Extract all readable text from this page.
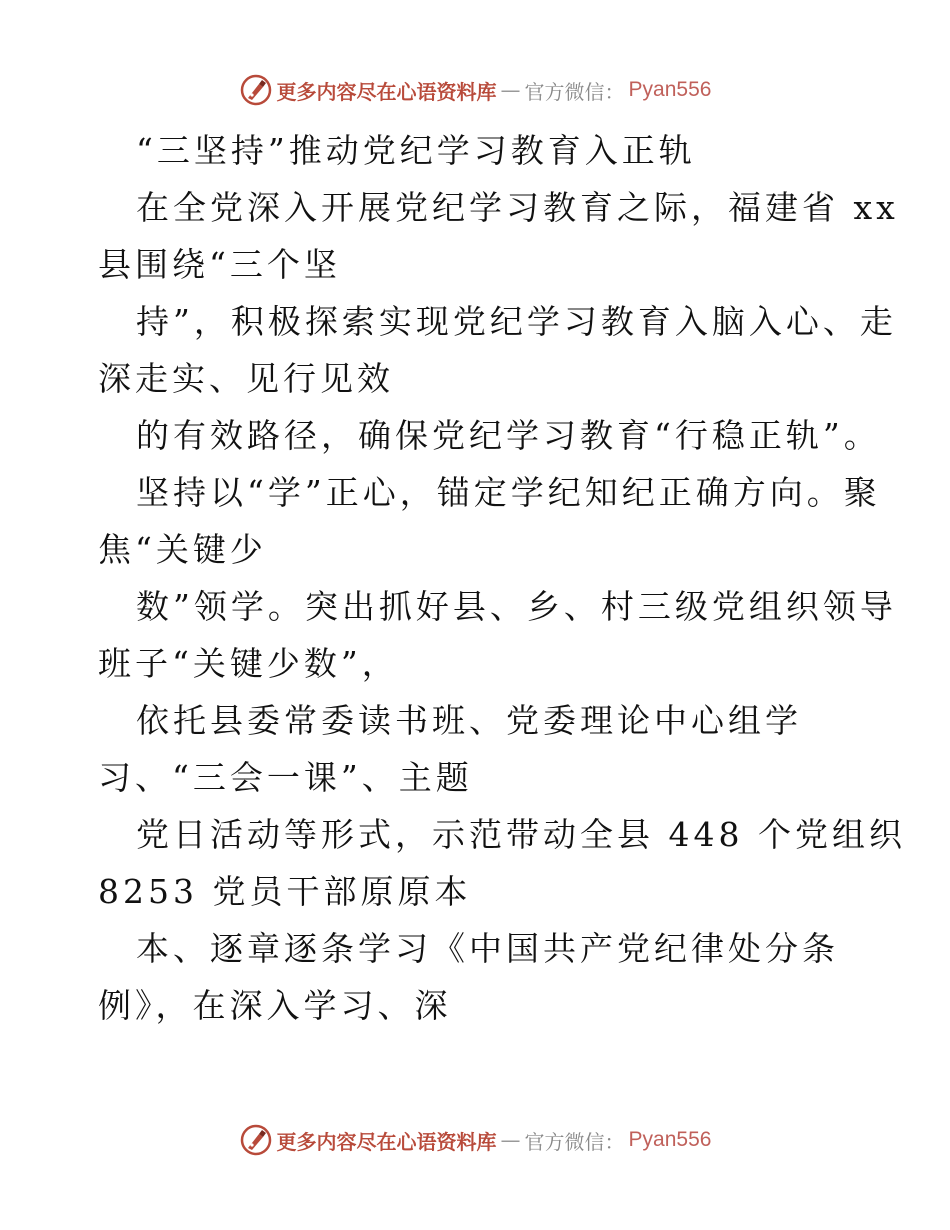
更多内容尽在心语资料库 — 官方微信： Pyan556
“三坚持”推动党纪学习教育入正轨
在全党深入开展党纪学习教育之际，福建省 xx
县围绕“三个坚
持”，积极探索实现党纪学习教育入脑入心、走
深走实、见行见效
的有效路径，确保党纪学习教育“行稳正轨”。
坚持以“学”正心，锚定学纪知纪正确方向。聚
焦“关键少
数”领学。突出抓好县、乡、村三级党组织领导
班子“关键少数”，
依托县委常委读书班、党委理论中心组学
习、“三会一课”、主题
党日活动等形式，示范带动全县 448 个党组织
8253 党员干部原原本
本、逐章逐条学习《中国共产党纪律处分条
例》，在深入学习、深
更多内容尽在心语资料库 — 官方微信： Pyan556
